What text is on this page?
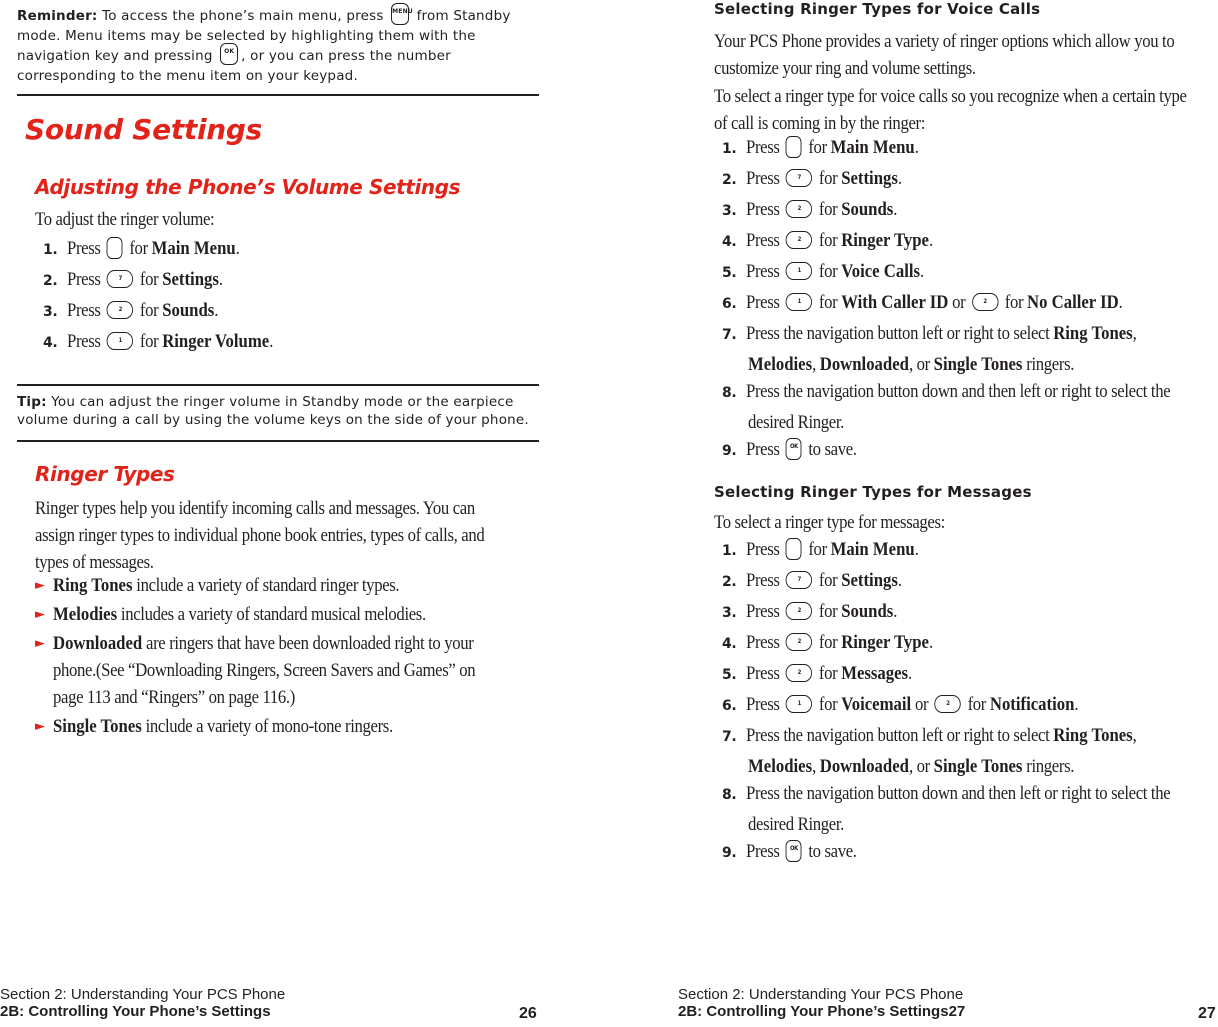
Reminder: To access the phone’s main menu, press MENU from Standby
mode. Menu items may be selected by highlighting them with the
navigation key and pressing OK , or you can press the number
corresponding to the menu item on your keypad.
Sound Settings
Adjusting the Phone’s Volume Settings
To adjust the ringer volume:
1. Press for Main Menu.
2. Press	7 for Settings.
3. Press	2 for Sounds.
4. Press	1 for Ringer Volume.
Tip: You can adjust the ringer volume in Standby mode or the earpiece
volume during a call by using the volume keys on the side of your phone.
Ringer Types
Ringer types help you identify incoming calls and messages. You can
assign ringer types to individual phone book entries, types of calls, and
types of messages.
► Ring Tones include a variety of standard ringer types.
► Melodies includes a variety of standard musical melodies.
► Downloaded are ringers that have been downloaded right to your
phone.(See “Downloading Ringers, Screen Savers and Games” on
page 113 and “Ringers” on page 116.)
► Single Tones include a variety of mono-tone ringers.
Section 2: Understanding Your PCS Phone
2B: Controlling Your Phone’s Settings	26
Selecting Ringer Types for Voice Calls
Your PCS Phone provides a variety of ringer options which allow you to
customize your ring and volume settings.
To select a ringer type for voice calls so you recognize when a certain type
of call is coming in by the ringer:
1. Press for Main Menu.
2. Press	7 for Settings.
3. Press	2 for Sounds.
4. Press	2 for Ringer Type.
5. Press	1 for Voice Calls.
6. Press	1 for With Caller ID or	2 for No Caller ID.
7. Press the navigation button left or right to select Ring Tones,
Melodies, Downloaded, or Single Tones ringers.
8. Press the navigation button down and then left or right to select the
desired Ringer.
9. Press OK to save.
Selecting Ringer Types for Messages
To select a ringer type for messages:
1. Press for Main Menu.
2. Press	7 for Settings.
3. Press	2 for Sounds.
4. Press	2 for Ringer Type.
5. Press	2 for Messages.
6. Press	1 for Voicemail or	2 for Notification.
7. Press the navigation button left or right to select Ring Tones,
Melodies, Downloaded, or Single Tones ringers.
8. Press the navigation button down and then left or right to select the
desired Ringer.
9. Press OK to save.
Section 2: Understanding Your PCS Phone
2B: Controlling Your Phone’s Settings27	27
